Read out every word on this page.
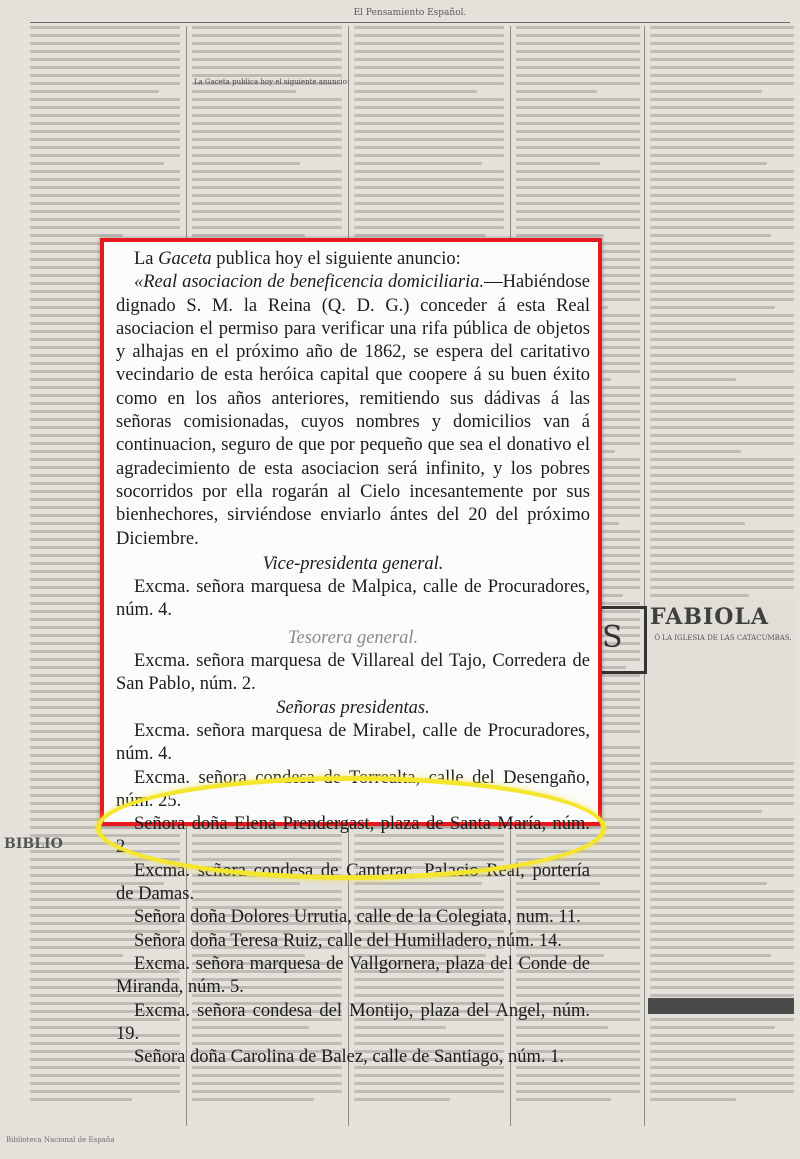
El Pensamiento Español.
La Gaceta publica hoy el siguiente anuncio:
FABIOLA
Ó LA IGLESIA DE LAS CATACUMBAS.
S
BIBLIO
Biblioteca Nacional de España

La Gaceta publica hoy el siguiente anuncio:

«Real asociacion de beneficencia domiciliaria.—Habiéndose dignado S. M. la Reina (Q. D. G.) conceder á esta Real asociacion el permiso para verificar una rifa pública de objetos y alhajas en el próximo año de 1862, se espera del caritativo vecindario de esta heróica capital que coopere á su buen éxito como en los años anteriores, remitiendo sus dádivas á las señoras comisionadas, cuyos nombres y domicilios van á continuacion, seguro de que por pequeño que sea el donativo el agradecimiento de esta asociacion será infinito, y los pobres socorridos por ella rogarán al Cielo incesantemente por sus bienhechores, sirviéndose enviarlo ántes del 20 del próximo Diciembre.

Vice-presidenta general.

Excma. señora marquesa de Malpica, calle de Procuradores, núm. 4.

Tesorera general.

Excma. señora marquesa de Villareal del Tajo, Corredera de San Pablo, núm. 2.

Señoras presidentas.

Excma. señora marquesa de Mirabel, calle de Procuradores, núm. 4.

Excma. señora condesa de Torrealta, calle del Desengaño, núm. 25.

Señora doña Elena Prendergast, plaza de Santa María, núm. 2.

Excma. señora condesa de Canterac, Palacio Real, portería de Damas.

Señora doña Dolores Urrutia, calle de la Colegiata, num. 11.

Señora doña Teresa Ruiz, calle del Humilladero, núm. 14.

Excma. señora marquesa de Vallgornera, plaza del Conde de Miranda, núm. 5.

Excma. señora condesa del Montijo, plaza del Angel, núm. 19.

Señora doña Carolina de Balez, calle de Santiago, núm. 1.
